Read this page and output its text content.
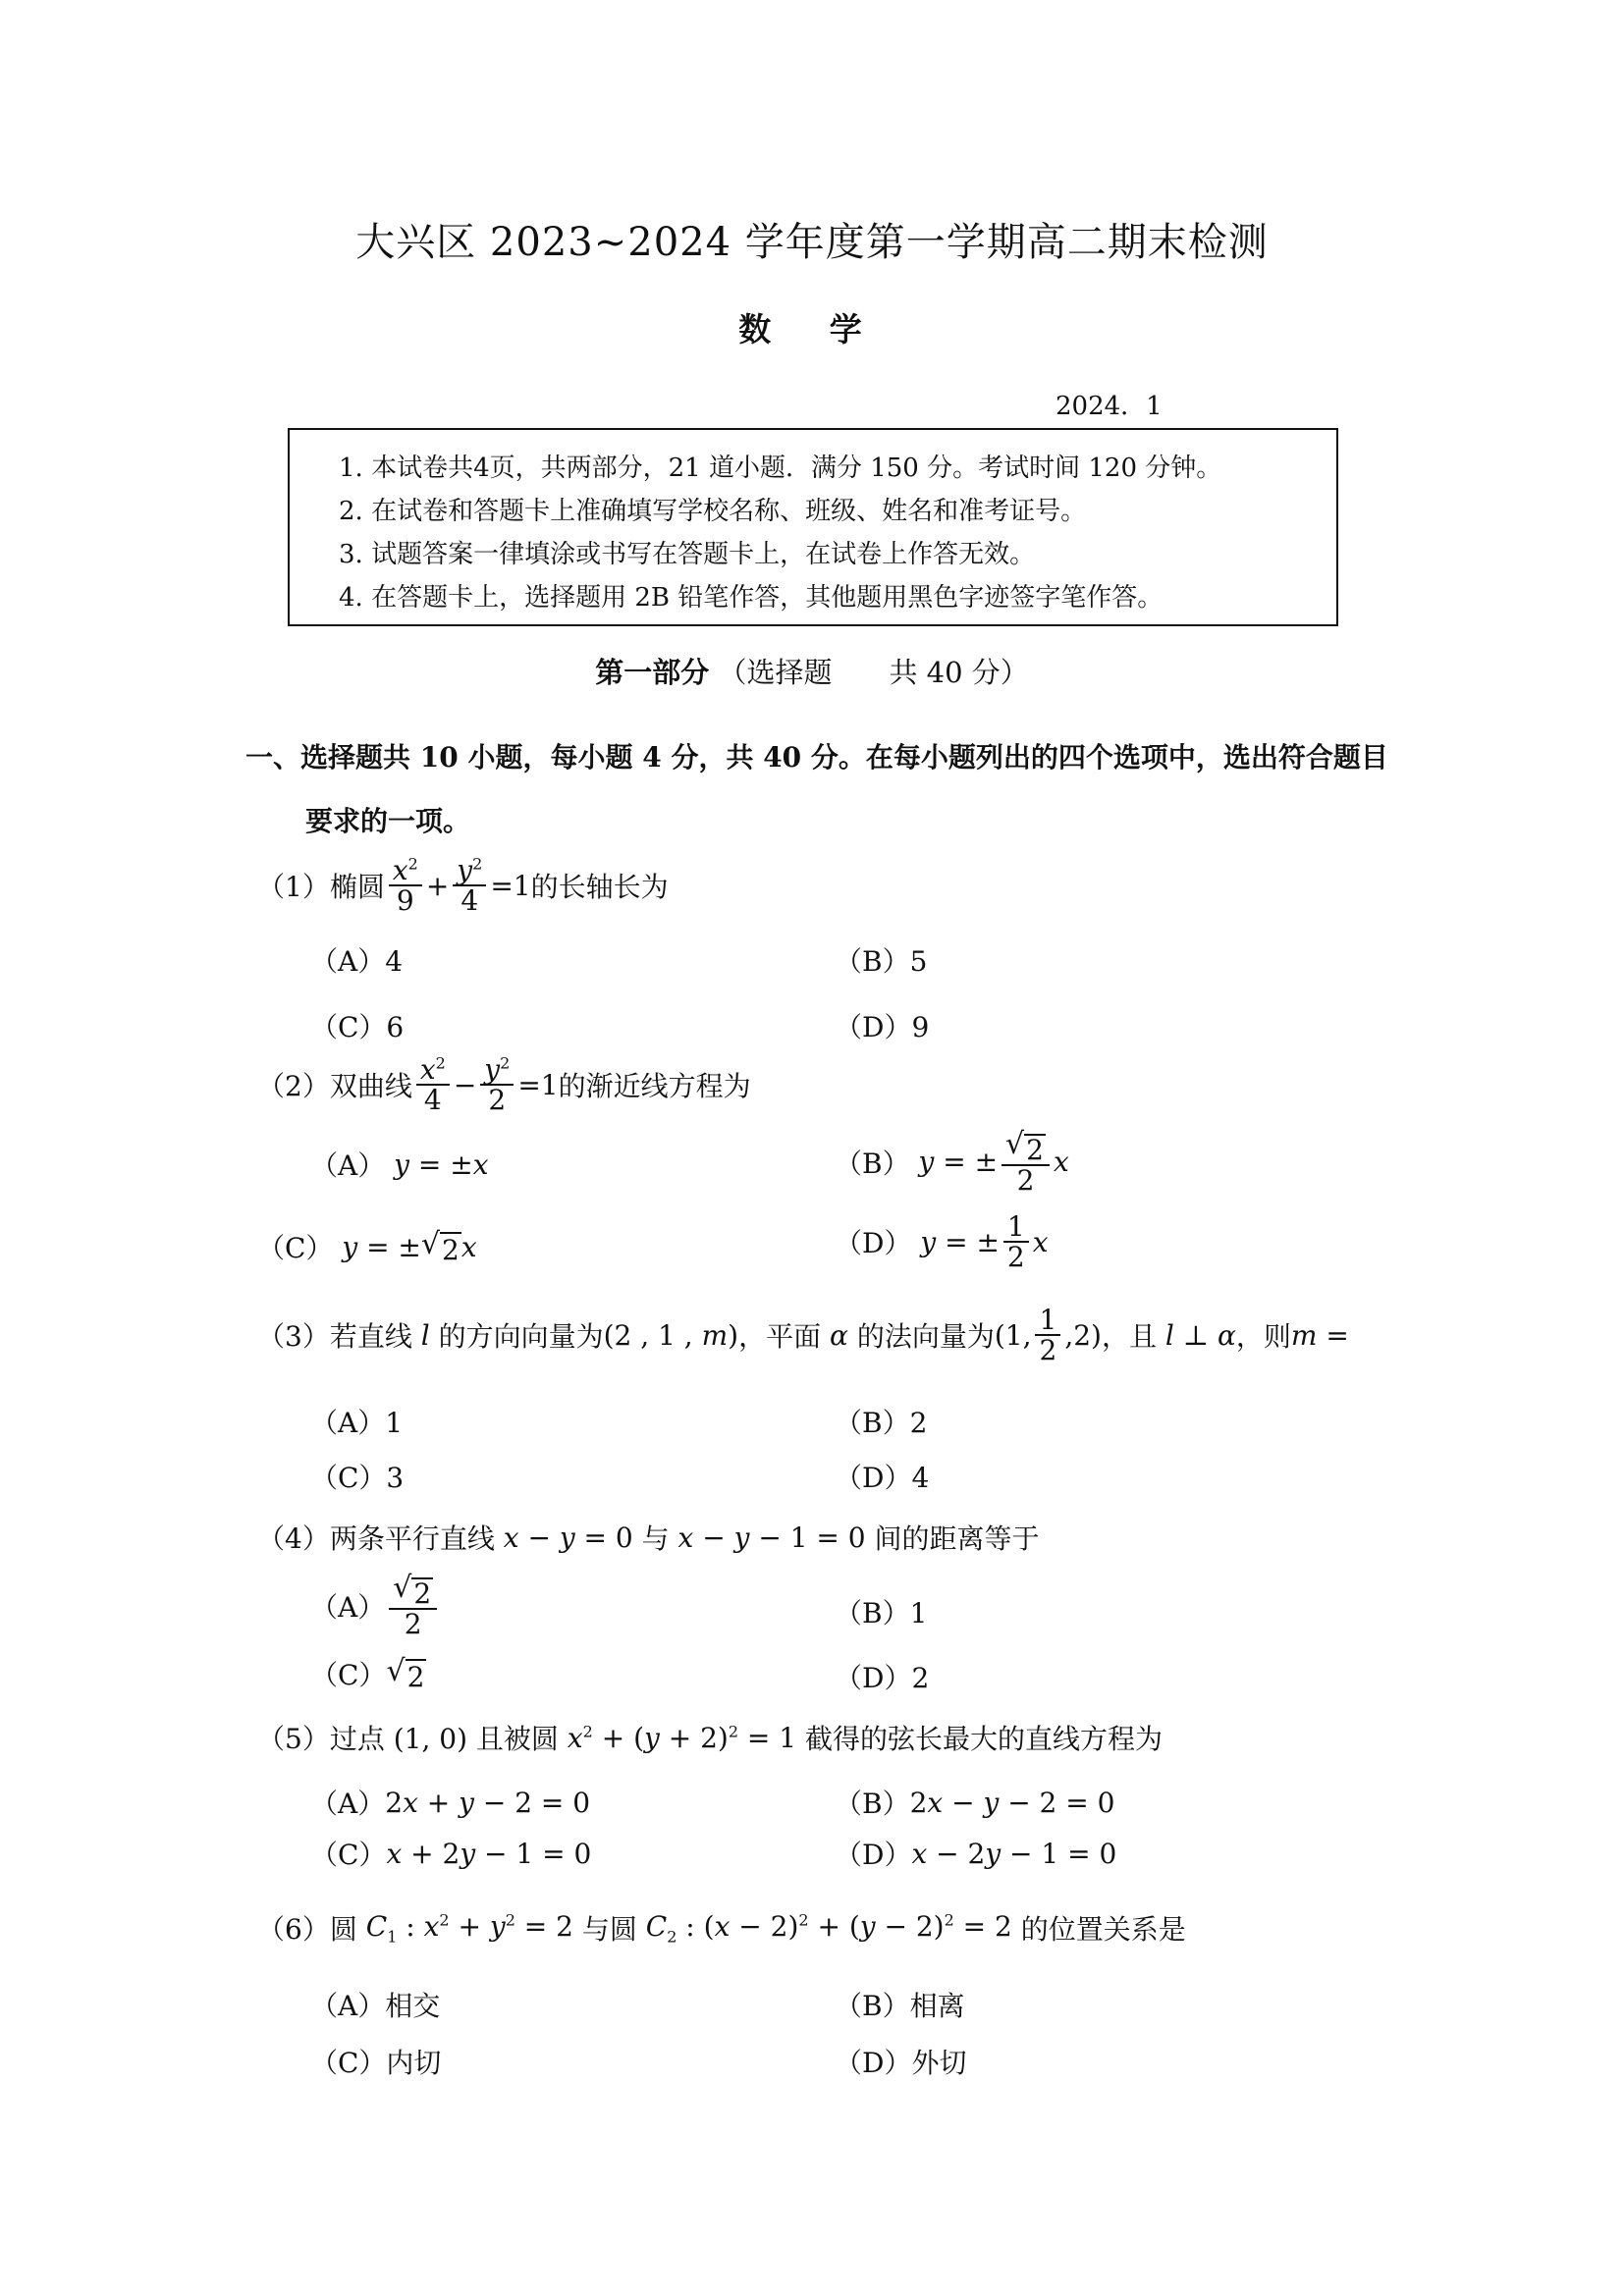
大兴区 2023~2024 学年度第一学期高二期末检测
数 学
2024．1
1. 本试卷共4页，共两部分，21 道小题．满分 150 分。考试时间 120 分钟。
2. 在试卷和答题卡上准确填写学校名称、班级、姓名和准考证号。
3. 试题答案一律填涂或书写在答题卡上，在试卷上作答无效。
4. 在答题卡上，选择题用 2B 铅笔作答，其他题用黑色字迹签字笔作答。
第一部分 （选择题　　共 40 分）
一、选择题共 10 小题，每小题 4 分，共 40 分。在每小题列出的四个选项中，选出符合题目
要求的一项。
（1） 椭圆 $\frac{x^2}{9} + \frac{y^2}{4} =1$ 的长轴长为
（A）4	（B）5
（C）6	（D）9
（2） 双曲线 $\frac{x^2}{4} - \frac{y^2}{2} =1$ 的渐近线方程为
（A） y = ±x	（B） y = ± $\frac{√ 2}{2}$ x
（C） y = ± √ 2 x	（D） y = ± $\frac{1}{2}$ x
（3） 若直线 l 的方向向量为 (2 , 1 , m) ，平面 α 的法向量为 (1, $\frac{1}{2} ,2$) ，且 l ⊥ α ，则 m =
（A）1	（B）2
（C）3	（D）4
（4） 两条平行直线 x − y = 0 与 x − y − 1 = 0 间的距离等于
$(A) \frac{√ 2}{2}$	（B）1
（C） √ 2	（D）2
（5） 过点 (1, 0) 且被圆 $x^2 + (y + 2)^2 = 1$ 截得的弦长最大的直线方程为
（A） 2x + y − 2 = 0	（B） 2x − y − 2 = 0
（C） x + 2y − 1 = 0	（D） x − 2y − 1 = 0
（6） 圆 $C_1$ : $x^2 + y^2 = 2$ 与圆 $C_2$ : $(x - 2)^2 + (y - 2)^2 = 2$ 的位置关系是
（A）相交	（B）相离
（C）内切	（D）外切
